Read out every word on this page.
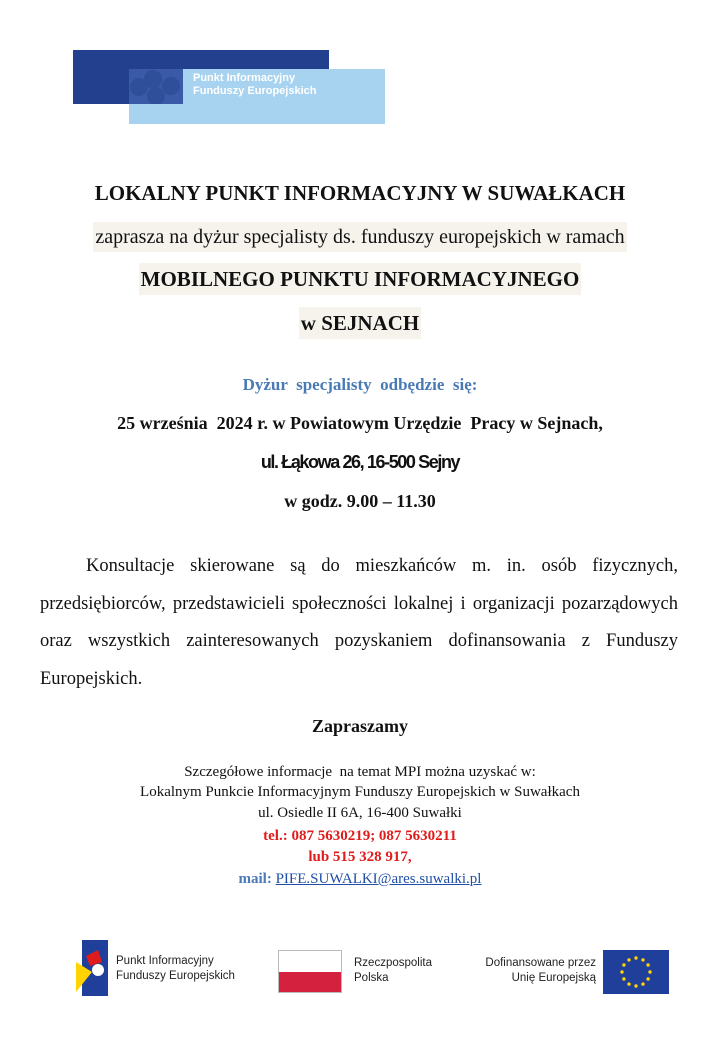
Punkt Informacyjny
Funduszy Europejskich
LOKALNY PUNKT INFORMACYJNY W SUWAŁKACH
zaprasza na dyżur specjalisty ds. funduszy europejskich w ramach
MOBILNEGO PUNKTU INFORMACYJNEGO
w SEJNACH
Dyżur  specjalisty  odbędzie  się:
25 września  2024 r. w Powiatowym Urzędzie  Pracy w Sejnach,
ul. Łąkowa 26, 16-500 Sejny
w godz. 9.00 – 11.30
Konsultacje skierowane są do mieszkańców m. in. osób fizycznych, przedsiębiorców, przedstawicieli społeczności lokalnej i organizacji pozarządowych oraz wszystkich zainteresowanych pozyskaniem dofinansowania z Funduszy Europejskich.
Zapraszamy
Szczegółowe informacje  na temat MPI można uzyskać w:
Lokalnym Punkcie Informacyjnym Funduszy Europejskich w Suwałkach
ul. Osiedle II 6A, 16-400 Suwałki
tel.: 087 5630219; 087 5630211
lub 515 328 917,
mail: PIFE.SUWALKI@ares.suwalki.pl
Punkt Informacyjny
Funduszy Europejskich
Rzeczpospolita
Polska
Dofinansowane przez
Unię Europejską
